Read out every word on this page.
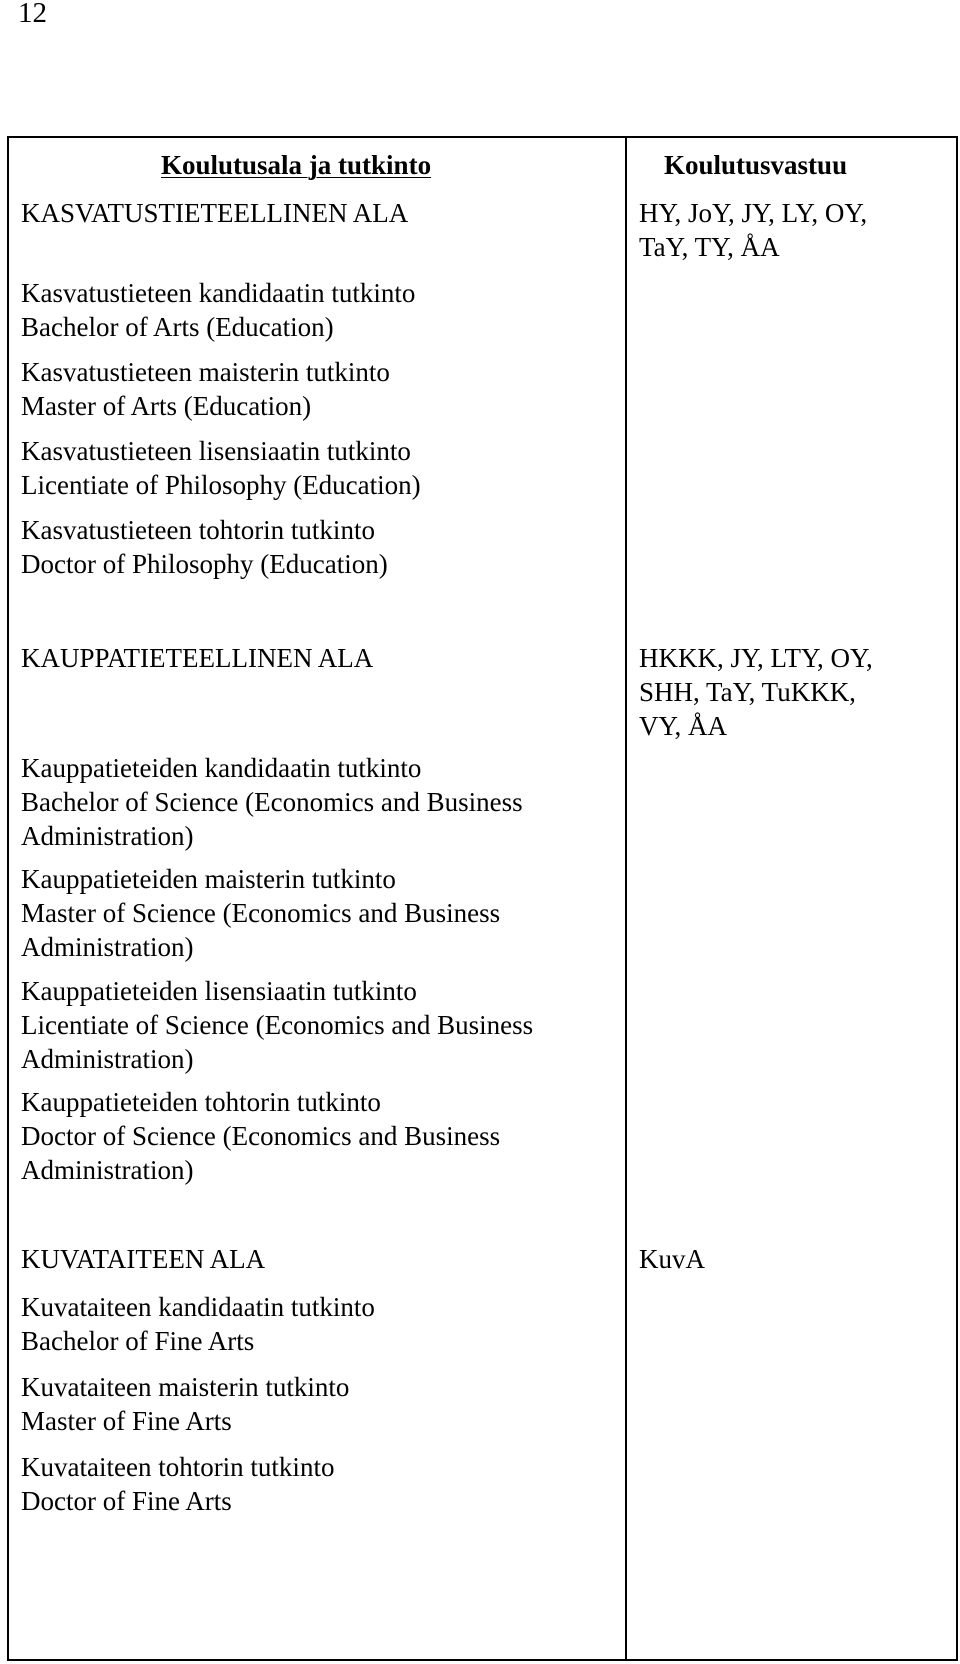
12
Koulutusala ja tutkinto	Koulutusvastuu
KASVATUSTIETEELLINEN ALA	HY, JoY, JY, LY, OY,
TaY, TY, ÅA
Kasvatustieteen kandidaatin tutkinto
Bachelor of Arts (Education)
Kasvatustieteen maisterin tutkinto
Master of Arts (Education)
Kasvatustieteen lisensiaatin tutkinto
Licentiate of Philosophy (Education)
Kasvatustieteen tohtorin tutkinto
Doctor of Philosophy (Education)
KAUPPATIETEELLINEN ALA	HKKK, JY, LTY, OY,
SHH, TaY, TuKKK,
VY, ÅA
Kauppatieteiden kandidaatin tutkinto
Bachelor of Science (Economics and Business
Administration)
Kauppatieteiden maisterin tutkinto
Master of Science (Economics and Business
Administration)
Kauppatieteiden lisensiaatin tutkinto
Licentiate of Science (Economics and Business
Administration)
Kauppatieteiden tohtorin tutkinto
Doctor of Science (Economics and Business
Administration)
KUVATAITEEN ALA	KuvA
Kuvataiteen kandidaatin tutkinto
Bachelor of Fine Arts
Kuvataiteen maisterin tutkinto
Master of Fine Arts
Kuvataiteen tohtorin tutkinto
Doctor of Fine Arts
